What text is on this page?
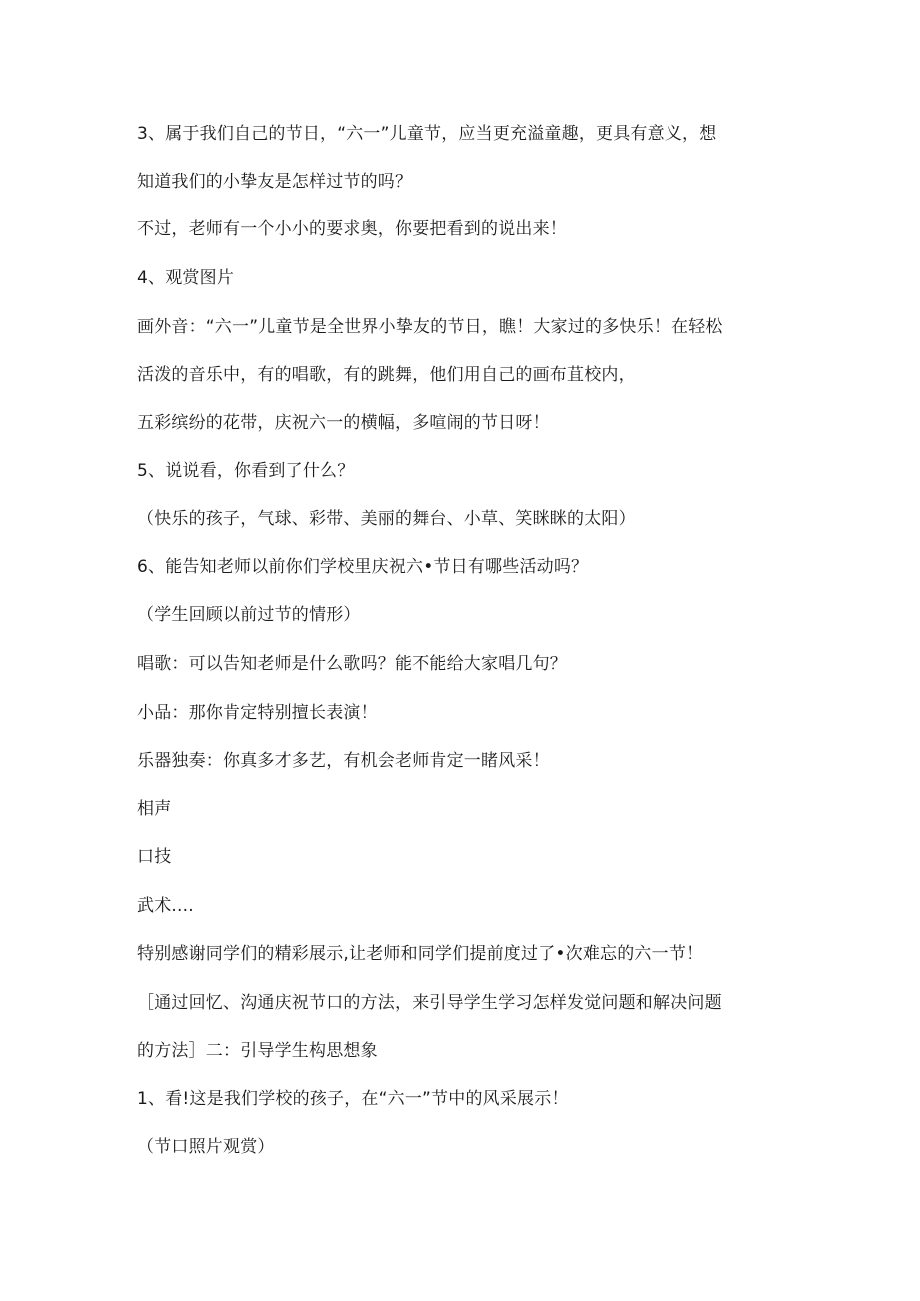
3、属于我们自己的节日，“六一”儿童节，应当更充溢童趣，更具有意义，想
知道我们的小挚友是怎样过节的吗？
不过，老师有一个小小的要求奥，你要把看到的说出来！
4、观赏图片
画外音：“六一”儿童节是全世界小挚友的节日，瞧！大家过的多快乐！在轻松
活泼的音乐中，有的唱歌，有的跳舞，他们用自己的画布苴校内，
五彩缤纷的花带，庆祝六一的横幅，多喧闹的节日呀！
5、说说看，你看到了什么？
（快乐的孩子，气球、彩带、美丽的舞台、小草、笑眯眯的太阳）
6、能告知老师以前你们学校里庆祝六•节日有哪些活动吗？
（学生回顾以前过节的情形）
唱歌：可以告知老师是什么歌吗？能不能给大家唱几句？
小品：那你肯定特别擅长表演！
乐器独奏：你真多才多艺，有机会老师肯定一睹风采！
相声
口技
武术....
特别感谢同学们的精彩展示,让老师和同学们提前度过了•次难忘的六一节！
［通过回忆、沟通庆祝节口的方法，来引导学生学习怎样发觉问题和解决问题
的方法］二：引导学生构思想象
1、看!这是我们学校的孩子，在“六一”节中的风采展示！
（节口照片观赏）
